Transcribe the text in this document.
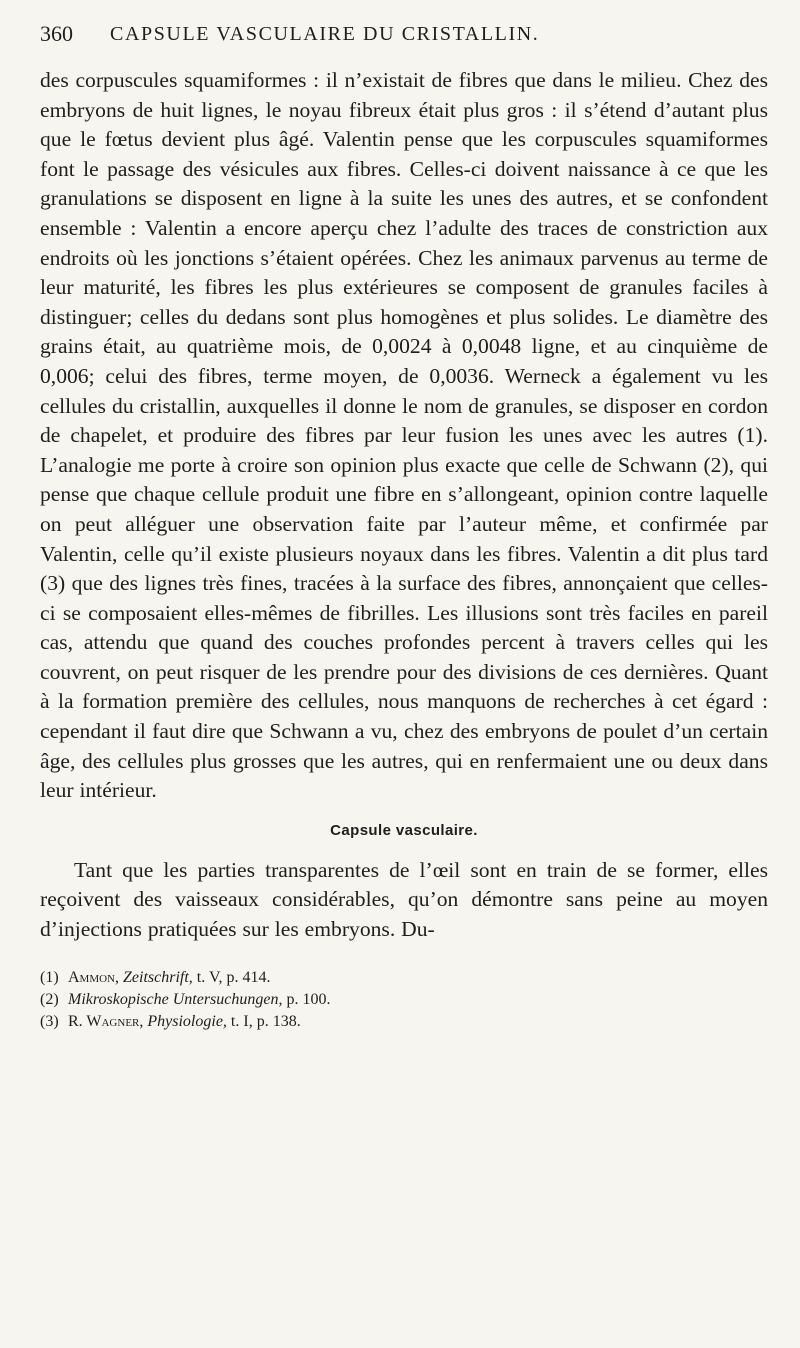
360 CAPSULE VASCULAIRE DU CRISTALLIN.

des corpuscules squamiformes : il n’existait de fibres que dans le milieu. Chez des embryons de huit lignes, le noyau fibreux était plus gros : il s’étend d’autant plus que le fœtus devient plus âgé. Valentin pense que les corpuscules squamiformes font le passage des vésicules aux fibres. Celles-ci doivent naissance à ce que les granulations se disposent en ligne à la suite les unes des autres, et se confondent ensemble : Valentin a encore aperçu chez l’adulte des traces de constriction aux endroits où les jonctions s’étaient opérées. Chez les animaux parvenus au terme de leur maturité, les fibres les plus extérieures se composent de granules faciles à distinguer; celles du dedans sont plus homogènes et plus solides. Le diamètre des grains était, au quatrième mois, de 0,0024 à 0,0048 ligne, et au cinquième de 0,006; celui des fibres, terme moyen, de 0,0036. Werneck a également vu les cellules du cristallin, auxquelles il donne le nom de granules, se disposer en cordon de chapelet, et produire des fibres par leur fusion les unes avec les autres (1). L’analogie me porte à croire son opinion plus exacte que celle de Schwann (2), qui pense que chaque cellule produit une fibre en s’allongeant, opinion contre laquelle on peut alléguer une observation faite par l’auteur même, et confirmée par Valentin, celle qu’il existe plusieurs noyaux dans les fibres. Valentin a dit plus tard (3) que des lignes très fines, tracées à la surface des fibres, annonçaient que celles-ci se composaient elles-mêmes de fibrilles. Les illusions sont très faciles en pareil cas, attendu que quand des couches profondes percent à travers celles qui les couvrent, on peut risquer de les prendre pour des divisions de ces dernières. Quant à la formation première des cellules, nous manquons de recherches à cet égard : cependant il faut dire que Schwann a vu, chez des embryons de poulet d’un certain âge, des cellules plus grosses que les autres, qui en renfermaient une ou deux dans leur intérieur.

Capsule vasculaire.

Tant que les parties transparentes de l’œil sont en train de se former, elles reçoivent des vaisseaux considérables, qu’on démontre sans peine au moyen d’injections pratiquées sur les embryons. Du-

(1) Ammon, Zeitschrift, t. V, p. 414.

(2) Mikroskopische Untersuchungen, p. 100.

(3) R. Wagner, Physiologie, t. I, p. 138.
